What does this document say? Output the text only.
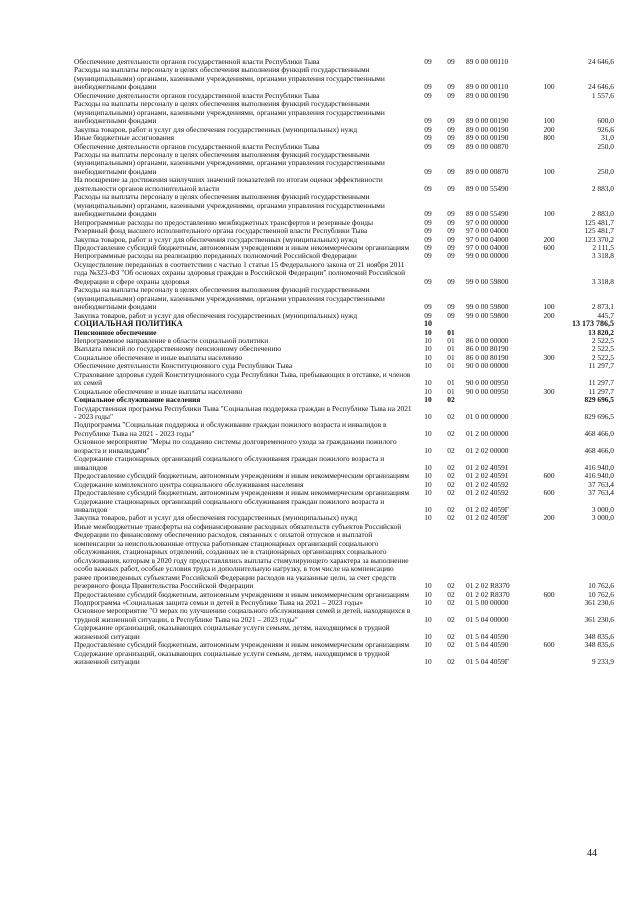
Обеспечение деятельности органов государственной власти Республики Тыва	09	09	89 0 00 00110	24 646,6
Расходы на выплаты персоналу в целях обеспечения выполнения функций государственными (муниципальными) органами, казенными учреждениями, органами управления государственными внебюджетными фондами	09	09	89 0 00 00110	100	24 646,6
Обеспечение деятельности органов государственной власти Республики Тыва	09	09	89 0 00 00190	1 557,6
Расходы на выплаты персоналу в целях обеспечения выполнения функций государственными (муниципальными) органами, казенными учреждениями, органами управления государственными внебюджетными фондами	09	09	89 0 00 00190	100	600,0
Закупка товаров, работ и услуг для обеспечения государственных (муниципальных) нужд	09	09	89 0 00 00190	200	926,6
Иные бюджетные ассигнования	09	09	89 0 00 00190	800	31,0
Обеспечение деятельности органов государственной власти Республики Тыва	09	09	89 0 00 00870	250,0
Расходы на выплаты персоналу в целях обеспечения выполнения функций государственными (муниципальными) органами, казенными учреждениями, органами управления государственными внебюджетными фондами	09	09	89 0 00 00870	100	250,0
На поощрение за достижения наилучших значений показателей по итогам оценки эффективности деятельности органов исполнительной власти	09	09	89 0 00 55490	2 883,0
Расходы на выплаты персоналу в целях обеспечения выполнения функций государственными (муниципальными) органами, казенными учреждениями, органами управления государственными внебюджетными фондами	09	09	89 0 00 55490	100	2 883,0
Непрограммные расходы по предоставлению межбюджетных трансфертов и резервные фонды	09	09	97 0 00 00000	125 481,7
Резервный фонд высшего исполнительного органа государственной власти Республики Тыва	09	09	97 0 00 04000	125 481,7
Закупка товаров, работ и услуг для обеспечения государственных (муниципальных) нужд	09	09	97 0 00 04000	200	123 370,2
Предоставление субсидий бюджетным, автономным учреждениям и иным некоммерческим организациям	09	09	97 0 00 04000	600	2 111,5
Непрограммные расходы на реализацию переданных полномочий Российской Федерации	09	09	99 0 00 00000	3 318,8
Осуществление переданных в соответствии с частью 1 статьи 15 Федерального закона от 21 ноября 2011 года №323-ФЗ "Об основах охраны здоровья граждан в Российской Федерации" полномочий Российской Федерации в сфере охраны здоровья	09	09	99 0 00 59800	3 318,8
Расходы на выплаты персоналу в целях обеспечения выполнения функций государственными (муниципальными) органами, казенными учреждениями, органами управления государственными внебюджетными фондами	09	09	99 0 00 59800	100	2 873,1
Закупка товаров, работ и услуг для обеспечения государственных (муниципальных) нужд	09	09	99 0 00 59800	200	445,7
СОЦИАЛЬНАЯ ПОЛИТИКА	10	13 173 786,5
Пенсионное обеспечение	10	01	13 820,2
Непрограммное направление в области социальной политики	10	01	86 0 00 00000	2 522,5
Выплата пенсий по государственному пенсионному обеспечению	10	01	86 0 00 80190	2 522,5
Социальное обеспечение и иные выплаты населению	10	01	86 0 00 80190	300	2 522,5
Обеспечение деятельности Конституционного суда Республики Тыва	10	01	90 0 00 00000	11 297,7
Страхование здоровья судей Конституционного суда Республики Тыва, пребывающих в отставке, и членов их семей	10	01	90 0 00 00950	11 297,7
Социальное обеспечение и иные выплаты населению	10	01	90 0 00 00950	300	11 297,7
Социальное обслуживание населения	10	02	829 696,5
Государственная программа Республики Тыва "Социальная поддержка граждан в Республике Тыва на 2021 - 2023 годы"	10	02	01 0 00 00000	829 696,5
Подпрограмма "Социальная поддержка и обслуживание граждан пожилого возраста и инвалидов в Республике Тыва на 2021 - 2023 годы"	10	02	01 2 00 00000	468 466,0
Основное мероприятие "Меры по созданию системы долговременного ухода за гражданами пожилого возраста и инвалидами"	10	02	01 2 02 00000	468 466,0
Содержание стационарных организаций социального обслуживания граждан пожилого возраста и инвалидов	10	02	01 2 02 40591	416 940,0
Предоставление субсидий бюджетным, автономным учреждениям и иным некоммерческим организациям	10	02	01 2 02 40591	600	416 940,0
Содержание комплексного центра социального обслуживания населения	10	02	01 2 02 40592	37 763,4
Предоставление субсидий бюджетным, автономным учреждениям и иным некоммерческим организациям	10	02	01 2 02 40592	600	37 763,4
Содержание стационарных организаций социального обслуживания граждан пожилого возраста и инвалидов	10	02	01 2 02 4059Г	3 000,0
Закупка товаров, работ и услуг для обеспечения государственных (муниципальных) нужд	10	02	01 2 02 4059Г	200	3 000,0
Иные межбюджетные трансферты на софинансирование расходных обязательств субъектов Российской Федерации по финансовому обеспечению расходов, связанных с оплатой отпусков и выплатой компенсации за неиспользованные отпуска работникам стационарных организаций социального обслуживания, стационарных отделений, созданных не в стационарных организациях социального обслуживания, которым в 2020 году предоставлялись выплаты стимулирующего характера за выполнение особо важных работ, особые условия труда и дополнительную нагрузку, в том числе на компенсацию ранее произведенных субъектами Российской Федерации расходов на указанные цели, за счет средств резервного фонда Правительства Российской Федерации	10	02	01 2 02 R8370	10 762,6
Предоставление субсидий бюджетным, автономным учреждениям и иным некоммерческим организациям	10	02	01 2 02 R8370	600	10 762,6
Подпрограмма «Социальная защита семьи и детей в Республике Тыва на 2021 – 2023 годы»	10	02	01 5 00 00000	361 230,6
Основное мероприятие "О мерах по улучшению социального обслуживания семей и детей, находящихся в трудной жизненной ситуации, в Республике Тыва на 2021 – 2023 годы"	10	02	01 5 04 00000	361 230,6
Содержание организаций, оказывающих социальные услуги семьям, детям, находящимся в трудной жизненной ситуации	10	02	01 5 04 40590	348 835,6
Предоставление субсидий бюджетным, автономным учреждениям и иным некоммерческим организациям	10	02	01 5 04 40590	600	348 835,6
Содержание организаций, оказывающих социальные услуги семьям, детям, находящимся в трудной жизненной ситуации	10	02	01 5 04 4059Г	9 233,9
44
